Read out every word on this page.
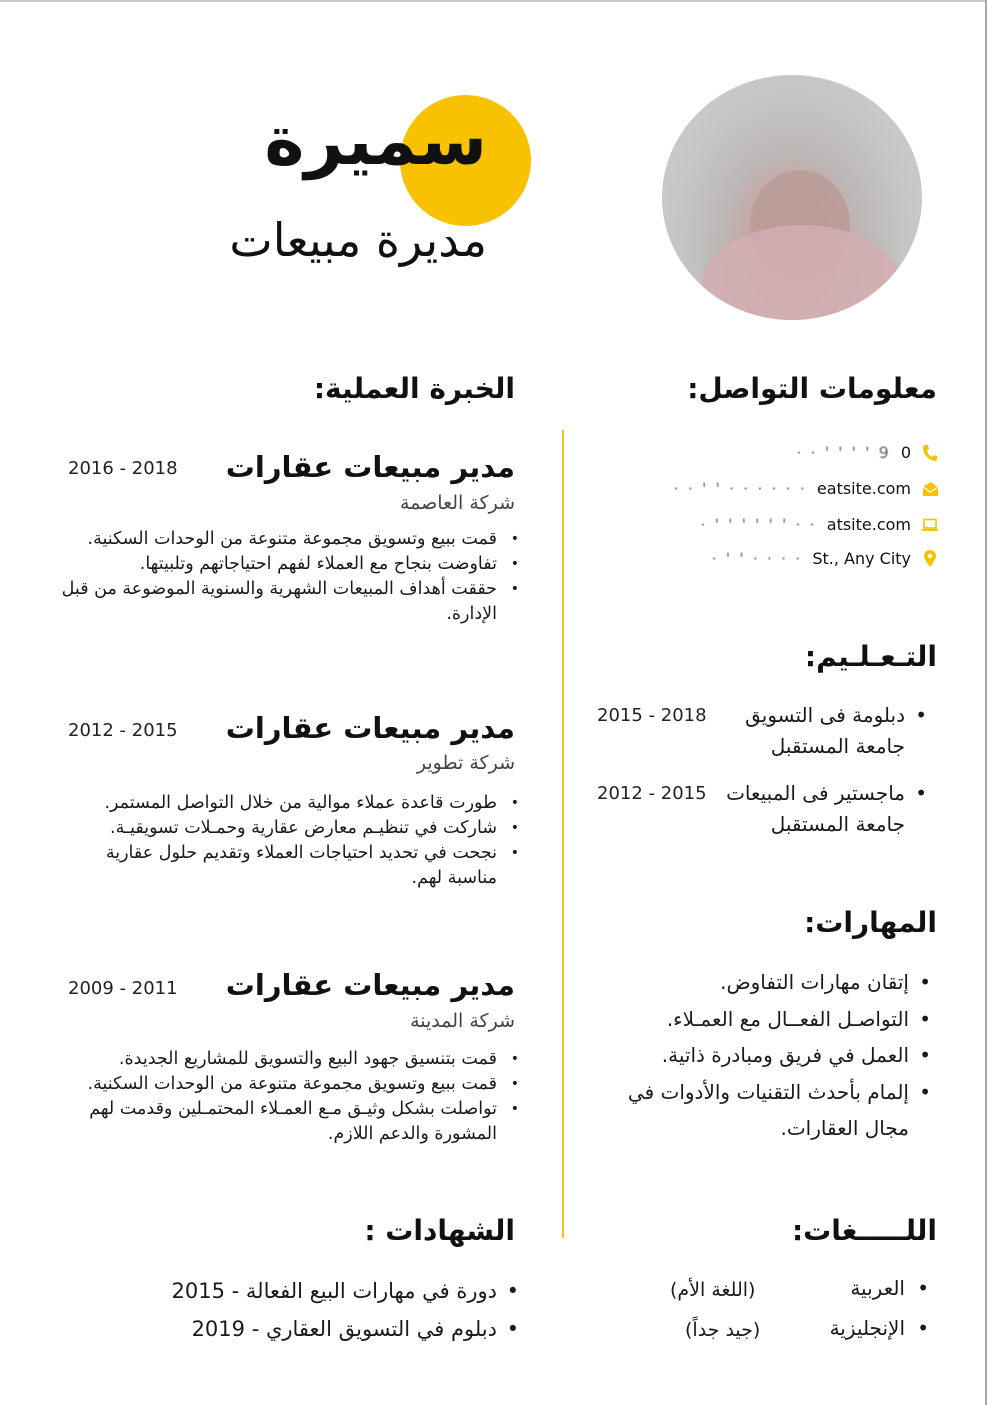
سميرة
مديرة مبيعات
معلومات التواصل:
0
· · ' ' ' ' 9
eatsite.com
· · ' ' · · · · · ·
atsite.com
· ' ' ' ' ' ' · ·
St., Any City
· ' ' · · · ·
التـعـلـيم:
•
دبلومة فى التسويق
جامعة المستقبل
2015 - 2018
•
ماجستير فى المبيعات
جامعة المستقبل
2012 - 2015
المهارات:
• إتقان مهارات التفاوض.
• التواصـل الفعــال مع العمـلاء.
• العمل في فريق ومبادرة ذاتية.
• إلمام بأحدث التقنيات والأدوات في مجال العقارات.
اللـــــغات:
•
العربية
(اللغة الأم)
•
الإنجليزية
(جيد جداً)
الخبرة العملية:
مدير مبيعات عقارات
2016 - 2018
شركة العاصمة
• قمت ببيع وتسويق مجموعة متنوعة من الوحدات السكنية.
• تفاوضت بنجاح مع العملاء لفهم احتياجاتهم وتلبيتها.
• حققت أهداف المبيعات الشهرية والسنوية الموضوعة من قبل الإدارة.
مدير مبيعات عقارات
2012 - 2015
شركة تطوير
• طورت قاعدة عملاء موالية من خلال التواصل المستمر.
• شاركت في تنظيـم معارض عقارية وحمـلات تسويقيـة.
• نجحت في تحديد احتياجات العملاء وتقديم حلول عقارية مناسبة لهم.
مدير مبيعات عقارات
2009 - 2011
شركة المدينة
• قمت بتنسيق جهود البيع والتسويق للمشاريع الجديدة.
• قمت ببيع وتسويق مجموعة متنوعة من الوحدات السكنية.
• تواصلت بشكل وثيـق مـع العمـلاء المحتمـلين وقدمت لهم المشورة والدعم اللازم.
الشهادات :
• دورة في مهارات البيع الفعالة - 2015
• دبلوم في التسويق العقاري - 2019
